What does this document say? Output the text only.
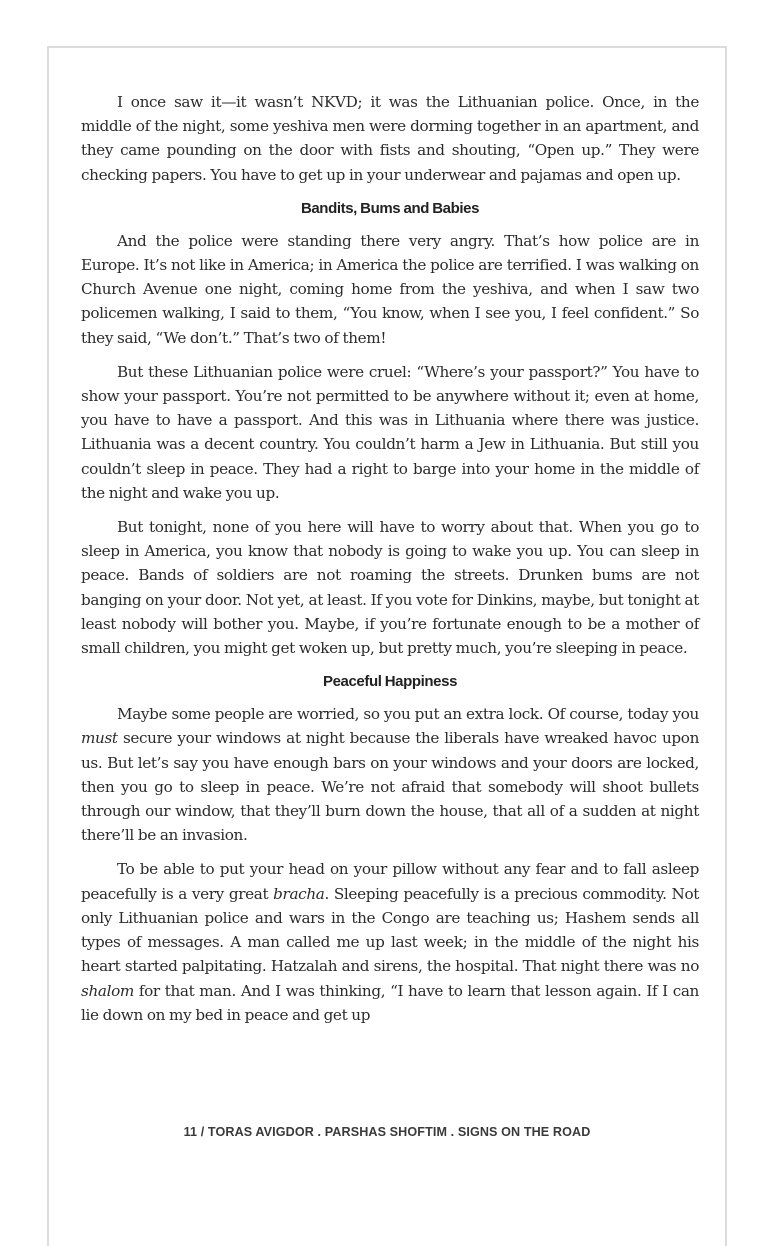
I once saw it—it wasn’t NKVD; it was the Lithuanian police. Once, in the middle of the night, some yeshiva men were dorming together in an apartment, and they came pounding on the door with fists and shouting, “Open up.” They were checking papers. You have to get up in your underwear and pajamas and open up.

Bandits, Bums and Babies

And the police were standing there very angry. That’s how police are in Europe. It’s not like in America; in America the police are terrified. I was walking on Church Avenue one night, coming home from the yeshiva, and when I saw two policemen walking, I said to them, “You know, when I see you, I feel confident.” So they said, “We don’t.” That’s two of them!

But these Lithuanian police were cruel: “Where’s your passport?” You have to show your passport. You’re not permitted to be anywhere without it; even at home, you have to have a passport. And this was in Lithuania where there was justice. Lithuania was a decent country. You couldn’t harm a Jew in Lithuania. But still you couldn’t sleep in peace. They had a right to barge into your home in the middle of the night and wake you up.

But tonight, none of you here will have to worry about that. When you go to sleep in America, you know that nobody is going to wake you up. You can sleep in peace. Bands of soldiers are not roaming the streets. Drunken bums are not banging on your door. Not yet, at least. If you vote for Dinkins, maybe, but tonight at least nobody will bother you. Maybe, if you’re fortunate enough to be a mother of small children, you might get woken up, but pretty much, you’re sleeping in peace.

Peaceful Happiness

Maybe some people are worried, so you put an extra lock. Of course, today you must secure your windows at night because the liberals have wreaked havoc upon us. But let’s say you have enough bars on your windows and your doors are locked, then you go to sleep in peace. We’re not afraid that somebody will shoot bullets through our window, that they’ll burn down the house, that all of a sudden at night there’ll be an invasion.

To be able to put your head on your pillow without any fear and to fall asleep peacefully is a very great bracha. Sleeping peacefully is a precious commodity. Not only Lithuanian police and wars in the Congo are teaching us; Hashem sends all types of messages. A man called me up last week; in the middle of the night his heart started palpitating. Hatzalah and sirens, the hospital. That night there was no shalom for that man. And I was thinking, “I have to learn that lesson again. If I can lie down on my bed in peace and get up

11 / TORAS AVIGDOR . PARSHAS SHOFTIM . SIGNS ON THE ROAD
